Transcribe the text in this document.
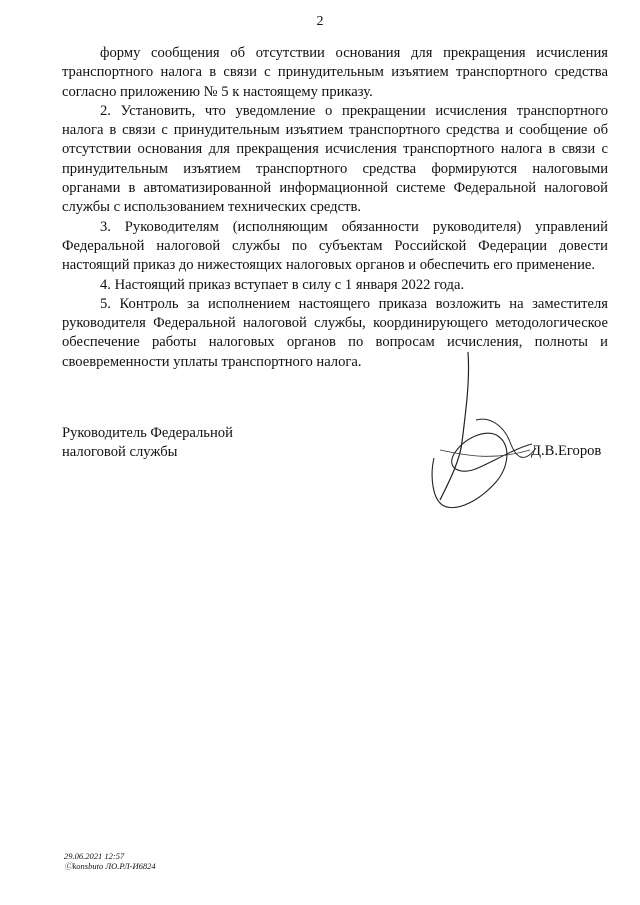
2

форму сообщения об отсутствии основания для прекращения исчисления транспортного налога в связи с принудительным изъятием транспортного средства согласно приложению № 5 к настоящему приказу.

2. Установить, что уведомление о прекращении исчисления транспортного налога в связи с принудительным изъятием транспортного средства и сообщение об отсутствии основания для прекращения исчисления транспортного налога в связи с принудительным изъятием транспортного средства формируются налоговыми органами в автоматизированной информационной системе Федеральной налоговой службы с использованием технических средств.

3. Руководителям (исполняющим обязанности руководителя) управлений Федеральной налоговой службы по субъектам Российской Федерации довести настоящий приказ до нижестоящих налоговых органов и обеспечить его применение.

4. Настоящий приказ вступает в силу с 1 января 2022 года.

5. Контроль за исполнением настоящего приказа возложить на заместителя руководителя Федеральной налоговой службы, координирующего методологическое обеспечение работы налоговых органов по вопросам исчисления, полноты и своевременности уплаты транспортного налога.

Руководитель Федеральной
налоговой службы	Д.В.Егоров
29.06.2021 12:57
Ⓒkonsbuto ЛО.РЛ-И6824
